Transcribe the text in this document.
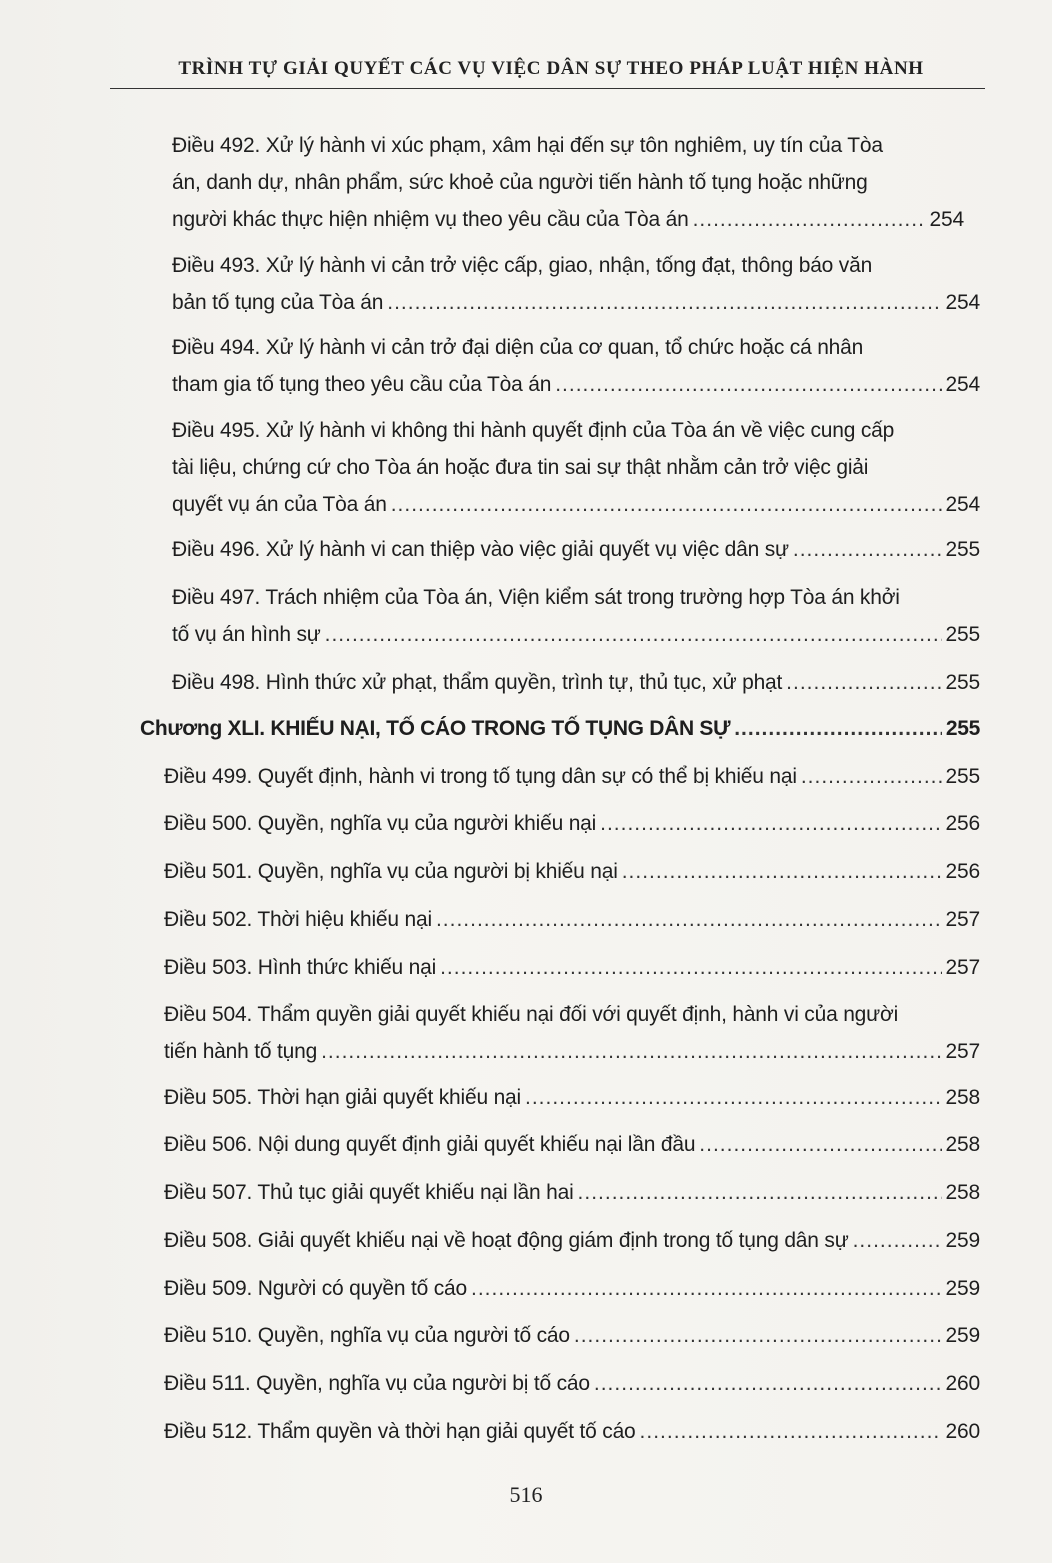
TRÌNH TỰ GIẢI QUYẾT CÁC VỤ VIỆC DÂN SỰ THEO PHÁP LUẬT HIỆN HÀNH
Điều 492. Xử lý hành vi xúc phạm, xâm hại đến sự tôn nghiêm, uy tín của Tòa
án, danh dự, nhân phẩm, sức khoẻ của người tiến hành tố tụng hoặc những
người khác thực hiện nhiệm vụ theo yêu cầu của Tòa án .....	254
Điều 493. Xử lý hành vi cản trở việc cấp, giao, nhận, tống đạt, thông báo văn
bản tố tụng của Tòa án .....	254
Điều 494. Xử lý hành vi cản trở đại diện của cơ quan, tổ chức hoặc cá nhân
tham gia tố tụng theo yêu cầu của Tòa án .....	254
Điều 495. Xử lý hành vi không thi hành quyết định của Tòa án về việc cung cấp
tài liệu, chứng cứ cho Tòa án hoặc đưa tin sai sự thật nhằm cản trở việc giải
quyết vụ án của Tòa án .....	254
Điều 496. Xử lý hành vi can thiệp vào việc giải quyết vụ việc dân sự .....	255
Điều 497. Trách nhiệm của Tòa án, Viện kiểm sát trong trường hợp Tòa án khởi
tố vụ án hình sự .....	255
Điều 498. Hình thức xử phạt, thẩm quyền, trình tự, thủ tục, xử phạt .....	255
Chương XLI. KHIẾU NẠI, TỐ CÁO TRONG TỐ TỤNG DÂN SỰ .....	255
Điều 499. Quyết định, hành vi trong tố tụng dân sự có thể bị khiếu nại .....	255
Điều 500. Quyền, nghĩa vụ của người khiếu nại .....	256
Điều 501. Quyền, nghĩa vụ của người bị khiếu nại .....	256
Điều 502. Thời hiệu khiếu nại .....	257
Điều 503. Hình thức khiếu nại .....	257
Điều 504. Thẩm quyền giải quyết khiếu nại đối với quyết định, hành vi của người
tiến hành tố tụng .....	257
Điều 505. Thời hạn giải quyết khiếu nại .....	258
Điều 506. Nội dung quyết định giải quyết khiếu nại lần đầu .....	258
Điều 507. Thủ tục giải quyết khiếu nại lần hai .....	258
Điều 508. Giải quyết khiếu nại về hoạt động giám định trong tố tụng dân sự .....	259
Điều 509. Người có quyền tố cáo .....	259
Điều 510. Quyền, nghĩa vụ của người tố cáo .....	259
Điều 511. Quyền, nghĩa vụ của người bị tố cáo .....	260
Điều 512. Thẩm quyền và thời hạn giải quyết tố cáo .....	260
516
